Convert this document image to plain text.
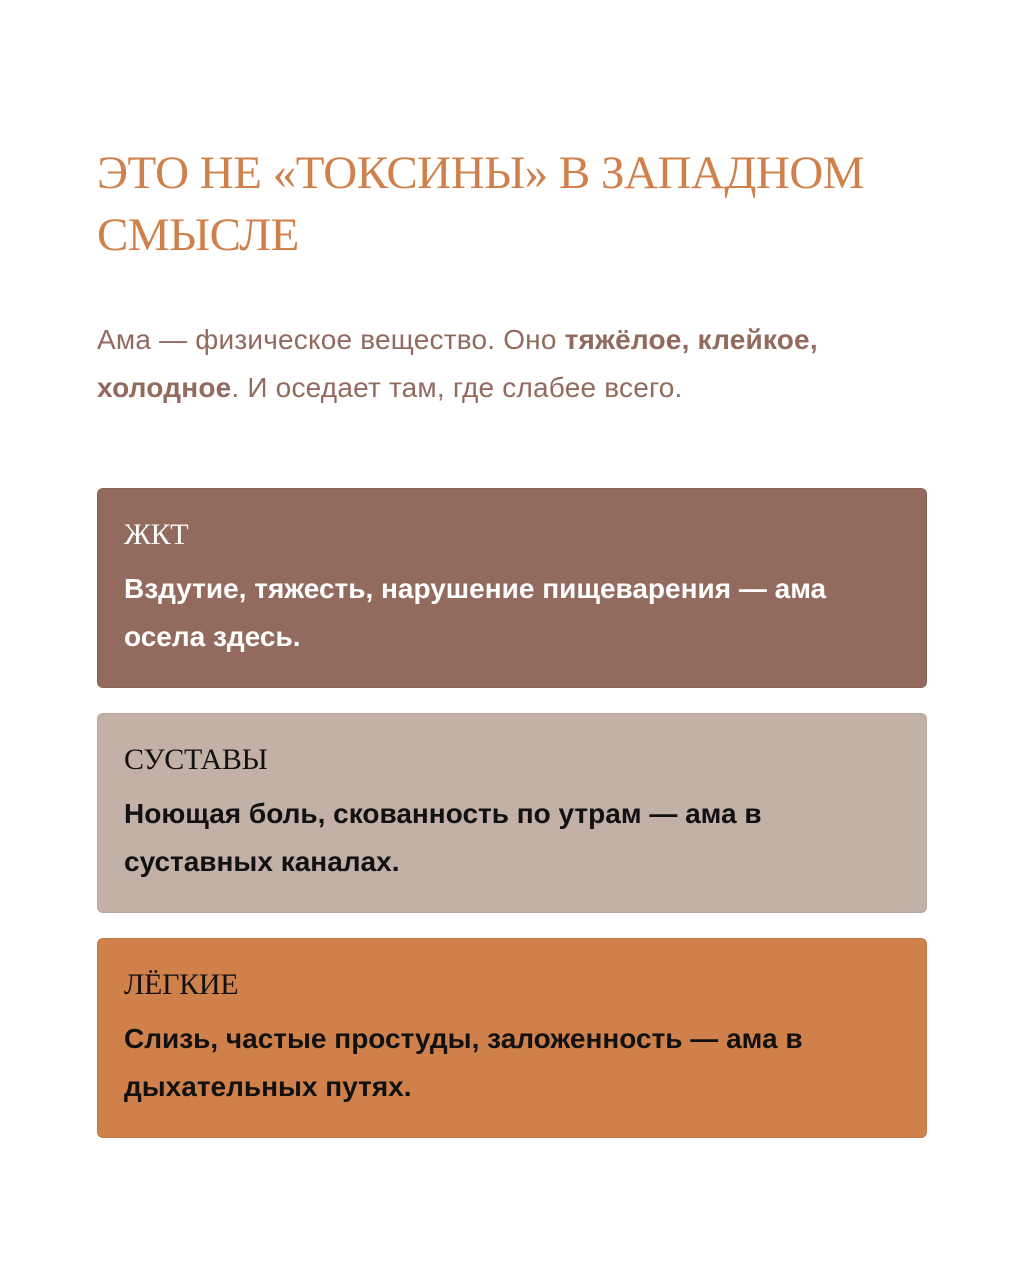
ЭТО НЕ «ТОКСИНЫ» В ЗАПАДНОМ СМЫСЛЕ

Ама — физическое вещество. Оно тяжёлое, клейкое, холодное. И оседает там, где слабее всего.

ЖКТ

Вздутие, тяжесть, нарушение пищеварения — ама осела здесь.

СУСТАВЫ

Ноющая боль, скованность по утрам — ама в суставных каналах.

ЛЁГКИЕ

Слизь, частые простуды, заложенность — ама в дыхательных путях.
